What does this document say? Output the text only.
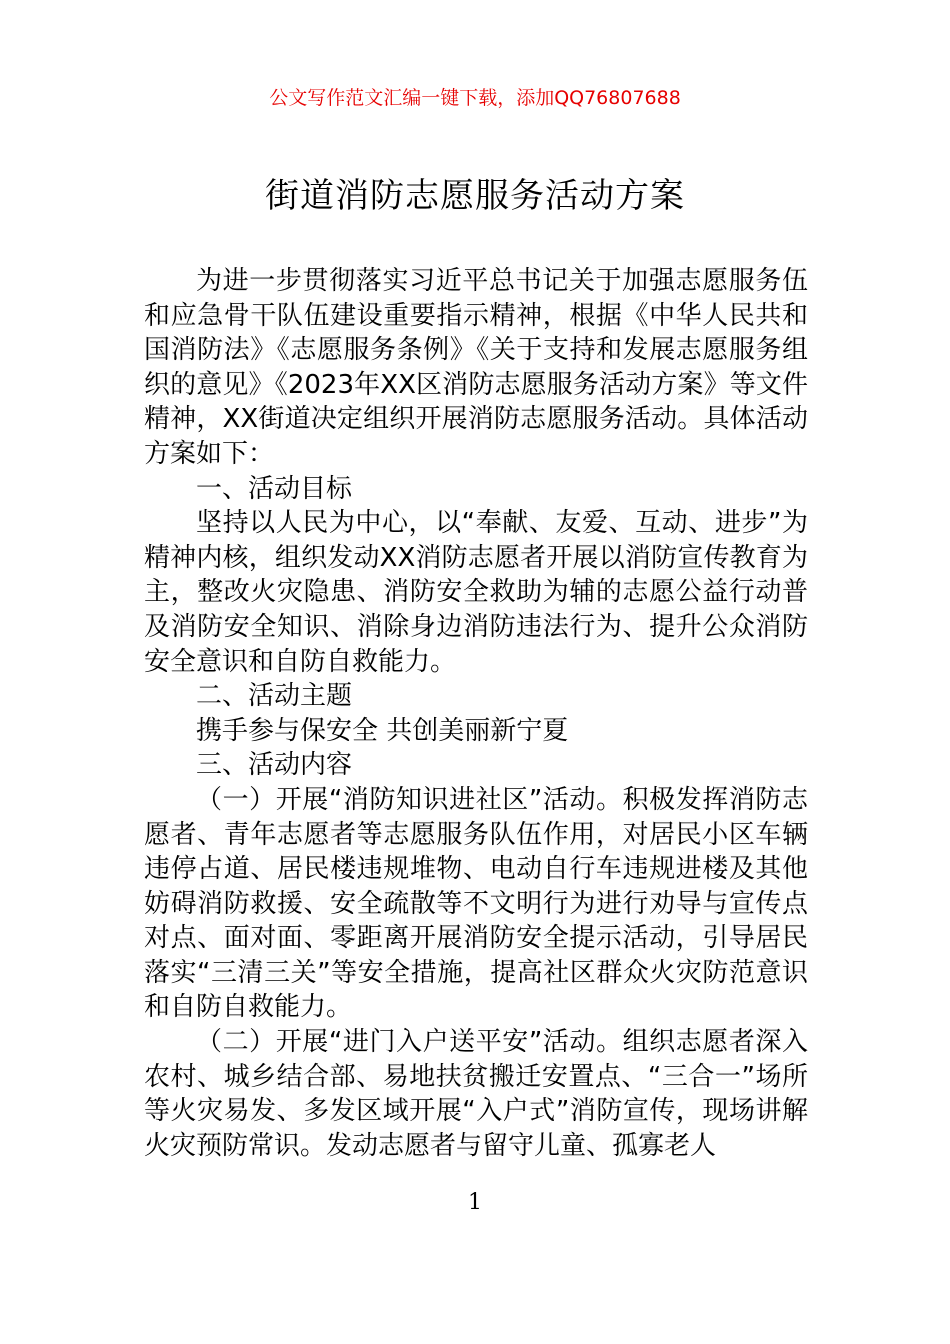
公文写作范文汇编一键下载，添加QQ76807688
街道消防志愿服务活动方案

为进一步贯彻落实习近平总书记关于加强志愿服务伍和应急骨干队伍建设重要指示精神，根据《中华人民共和国消防法》《志愿服务条例》《关于支持和发展志愿服务组织的意见》《2023年XX区消防志愿服务活动方案》等文件精神，XX街道决定组织开展消防志愿服务活动。具体活动方案如下：

一、活动目标

坚持以人民为中心，以“奉献、友爱、互动、进步”为精神内核，组织发动XX消防志愿者开展以消防宣传教育为主，整改火灾隐患、消防安全救助为辅的志愿公益行动普及消防安全知识、消除身边消防违法行为、提升公众消防安全意识和自防自救能力。

二、活动主题

携手参与保安全 共创美丽新宁夏

三、活动内容

（一）开展“消防知识进社区”活动。积极发挥消防志愿者、青年志愿者等志愿服务队伍作用，对居民小区车辆违停占道、居民楼违规堆物、电动自行车违规进楼及其他妨碍消防救援、安全疏散等不文明行为进行劝导与宣传点对点、面对面、零距离开展消防安全提示活动，引导居民落实“三清三关”等安全措施，提高社区群众火灾防范意识和自防自救能力。

（二）开展“进门入户送平安”活动。组织志愿者深入农村、城乡结合部、易地扶贫搬迁安置点、“三合一”场所等火灾易发、多发区域开展“入户式”消防宣传，现场讲解火灾预防常识。发动志愿者与留守儿童、孤寡老人

1
